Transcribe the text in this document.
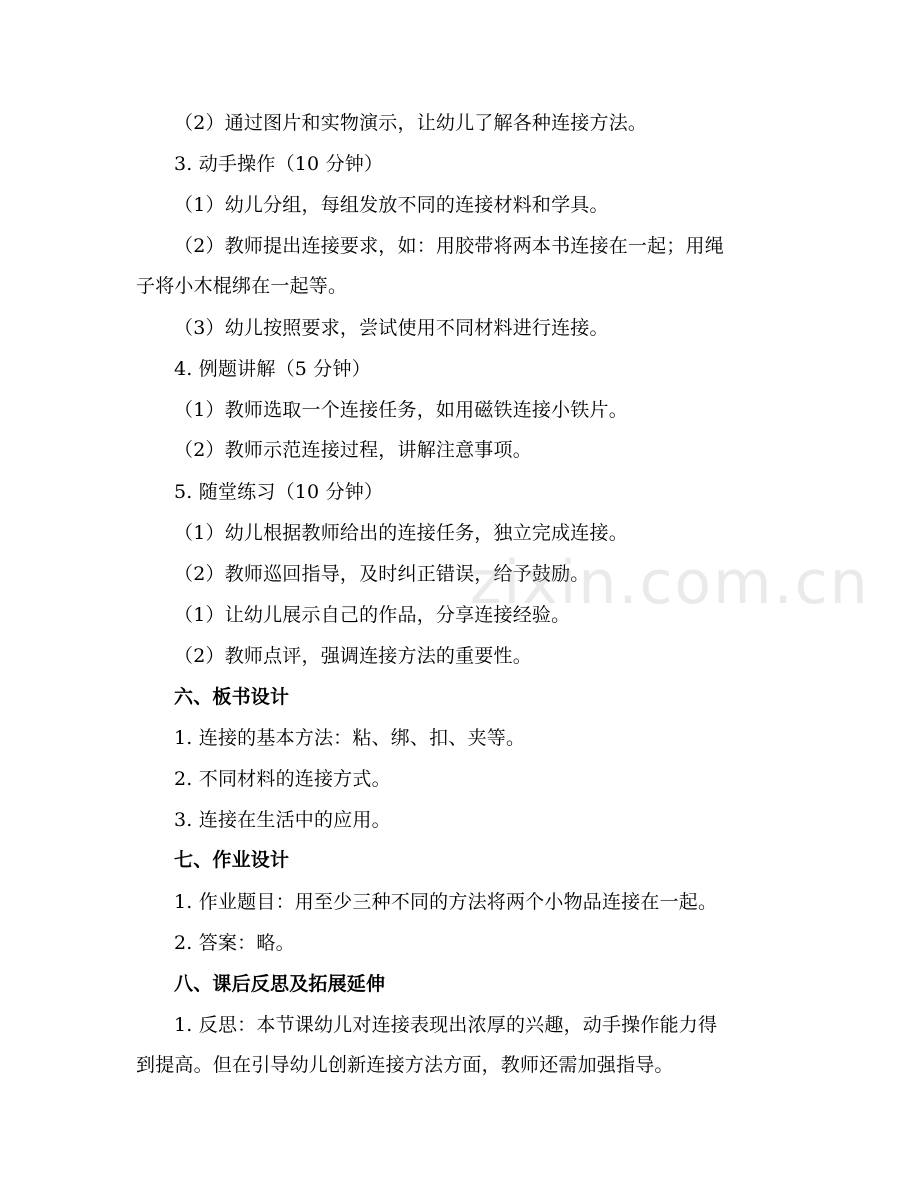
（2）通过图片和实物演示，让幼儿了解各种连接方法。
3. 动手操作（10 分钟）
（1）幼儿分组，每组发放不同的连接材料和学具。
（2）教师提出连接要求，如：用胶带将两本书连接在一起；用绳
子将小木棍绑在一起等。
（3）幼儿按照要求，尝试使用不同材料进行连接。
4. 例题讲解（5 分钟）
（1）教师选取一个连接任务，如用磁铁连接小铁片。
（2）教师示范连接过程，讲解注意事项。
5. 随堂练习（10 分钟）
（1）幼儿根据教师给出的连接任务，独立完成连接。
（2）教师巡回指导，及时纠正错误，给予鼓励。
（1）让幼儿展示自己的作品，分享连接经验。
（2）教师点评，强调连接方法的重要性。
六、板书设计
1. 连接的基本方法：粘、绑、扣、夹等。
2. 不同材料的连接方式。
3. 连接在生活中的应用。
七、作业设计
1. 作业题目：用至少三种不同的方法将两个小物品连接在一起。
2. 答案：略。
八、课后反思及拓展延伸
1. 反思：本节课幼儿对连接表现出浓厚的兴趣，动手操作能力得
到提高。但在引导幼儿创新连接方法方面，教师还需加强指导。
zixin.com.cn
